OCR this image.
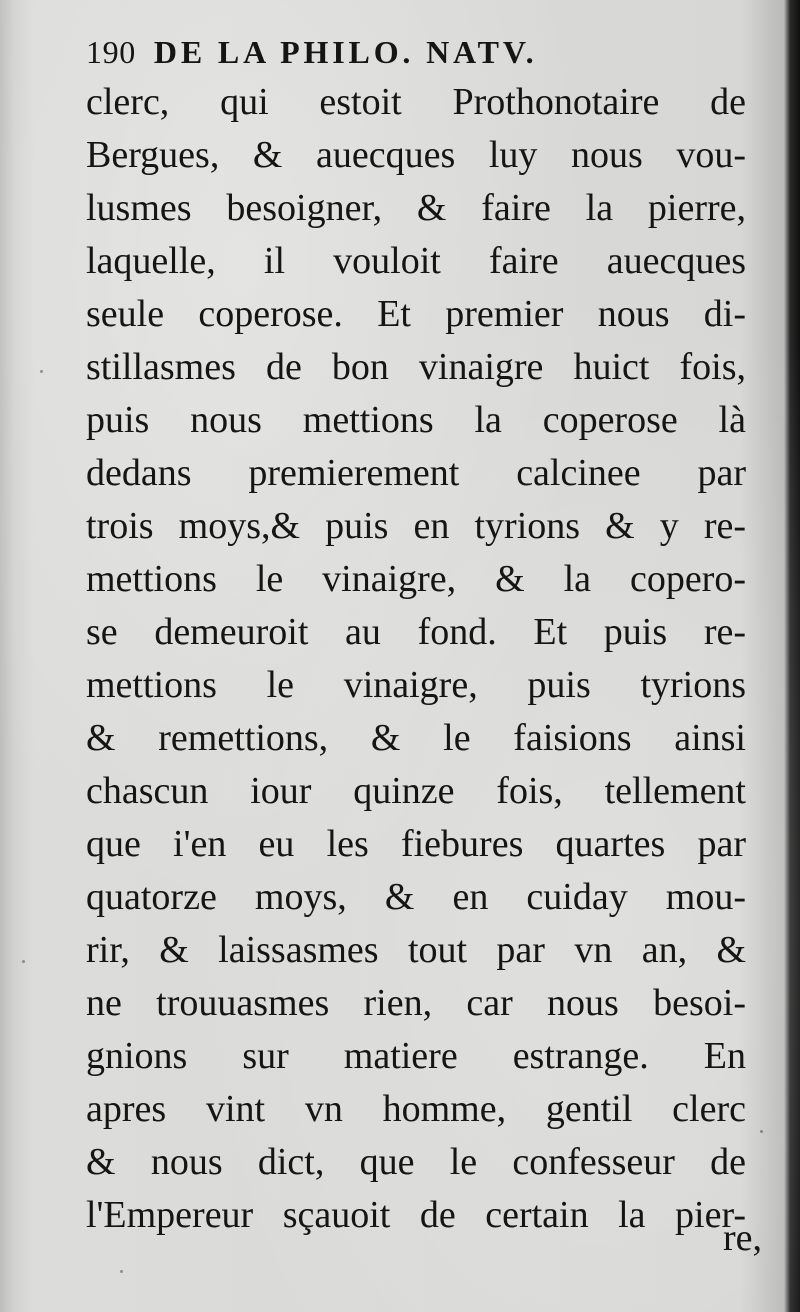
190 DE LA PHILO. NATV.
clerc, qui estoit Prothonotaire de
Bergues, & auecques luy nous vou-
lusmes besoigner, & faire la pierre,
laquelle, il vouloit faire auecques
seule coperose. Et premier nous di-
stillasmes de bon vinaigre huict fois,
puis nous mettions la coperose là
dedans premierement calcinee par
trois moys,& puis en tyrions & y re-
mettions le vinaigre, & la copero-
se demeuroit au fond. Et puis re-
mettions le vinaigre, puis tyrions
& remettions, & le faisions ainsi
chascun iour quinze fois, tellement
que i'en eu les fiebures quartes par
quatorze moys, & en cuiday mou-
rir, & laissasmes tout par vn an, &
ne trouuasmes rien, car nous besoi-
gnions sur matiere estrange. En
apres vint vn homme, gentil clerc
& nous dict, que le confesseur de
l'Empereur sçauoit de certain la pier-
re,
